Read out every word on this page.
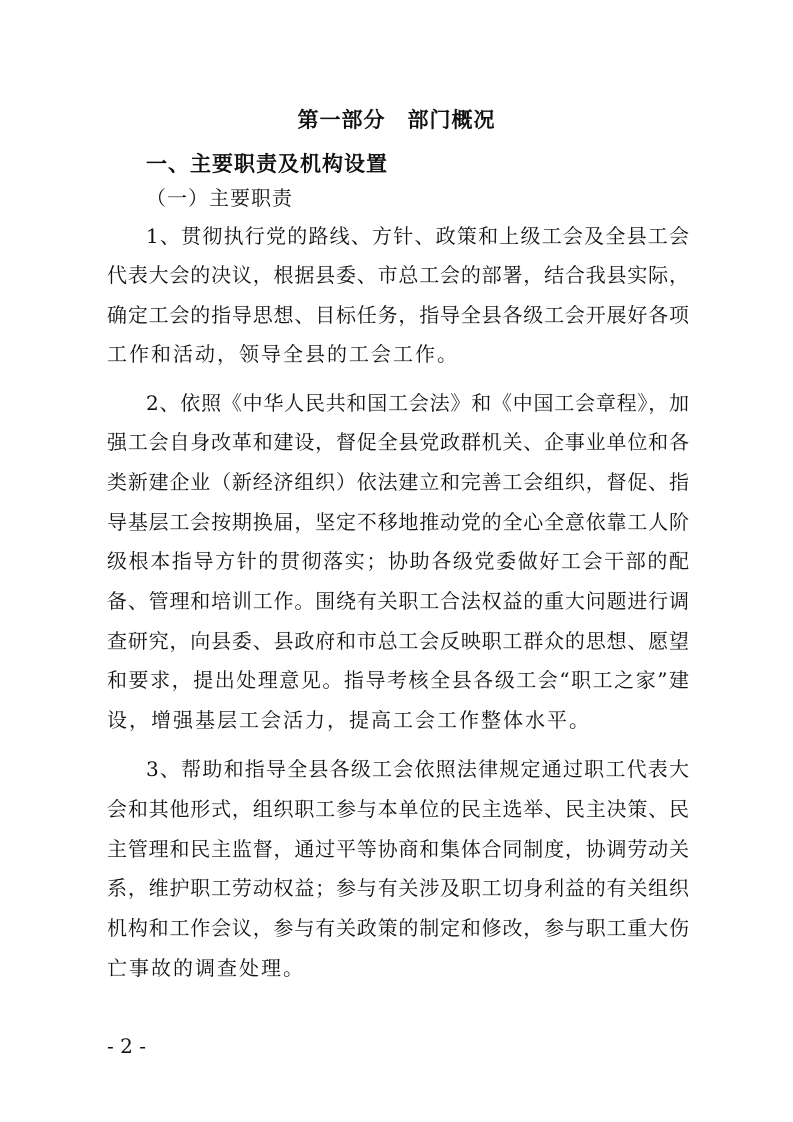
第一部分　部门概况
一、主要职责及机构设置
（一）主要职责
1、贯彻执行党的路线、方针、政策和上级工会及全县工会
代表大会的决议，根据县委、市总工会的部署，结合我县实际，
确定工会的指导思想、目标任务，指导全县各级工会开展好各项
工作和活动，领导全县的工会工作。
2、依照《中华人民共和国工会法》和《中国工会章程》，加
强工会自身改革和建设，督促全县党政群机关、企事业单位和各
类新建企业（新经济组织）依法建立和完善工会组织，督促、指
导基层工会按期换届，坚定不移地推动党的全心全意依靠工人阶
级根本指导方针的贯彻落实；协助各级党委做好工会干部的配
备、管理和培训工作。围绕有关职工合法权益的重大问题进行调
查研究，向县委、县政府和市总工会反映职工群众的思想、愿望
和要求，提出处理意见。指导考核全县各级工会“职工之家”建
设，增强基层工会活力，提高工会工作整体水平。
3、帮助和指导全县各级工会依照法律规定通过职工代表大
会和其他形式，组织职工参与本单位的民主选举、民主决策、民
主管理和民主监督，通过平等协商和集体合同制度，协调劳动关
系，维护职工劳动权益；参与有关涉及职工切身利益的有关组织
机构和工作会议，参与有关政策的制定和修改，参与职工重大伤
亡事故的调查处理。
- 2 -
